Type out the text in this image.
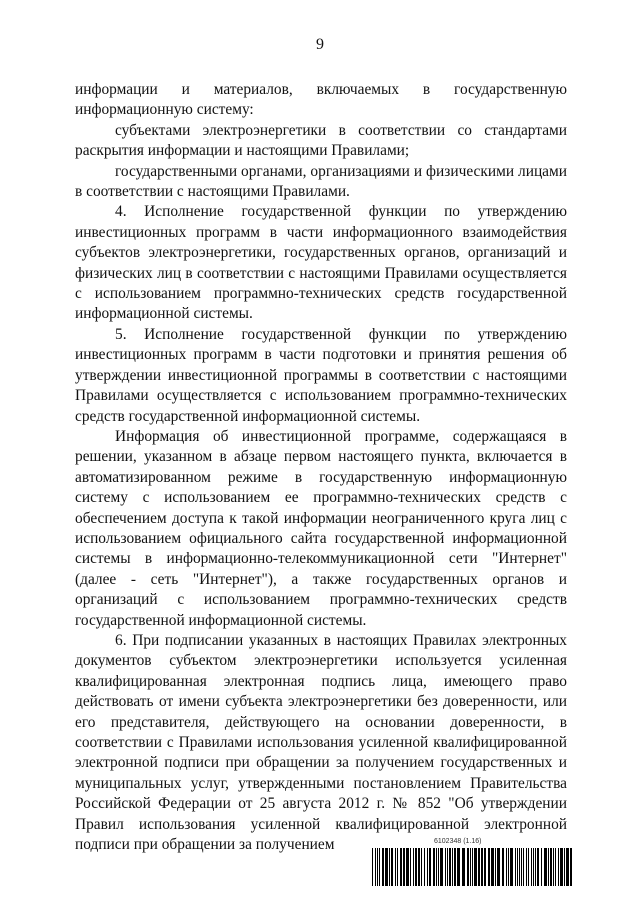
9

информации и материалов, включаемых в государственную информационную систему:

субъектами электроэнергетики в соответствии со стандартами раскрытия информации и настоящими Правилами;

государственными органами, организациями и физическими лицами в соответствии с настоящими Правилами.

4. Исполнение государственной функции по утверждению инвестиционных программ в части информационного взаимодействия субъектов электроэнергетики, государственных органов, организаций и физических лиц в соответствии с настоящими Правилами осуществляется с использованием программно-технических средств государственной информационной системы.

5. Исполнение государственной функции по утверждению инвестиционных программ в части подготовки и принятия решения об утверждении инвестиционной программы в соответствии с настоящими Правилами осуществляется с использованием программно-технических средств государственной информационной системы.

Информация об инвестиционной программе, содержащаяся в решении, указанном в абзаце первом настоящего пункта, включается в автоматизированном режиме в государственную информационную систему с использованием ее программно-технических средств с обеспечением доступа к такой информации неограниченного круга лиц с использованием официального сайта государственной информационной системы в информационно-телекоммуникационной сети "Интернет" (далее - сеть "Интернет"), а также государственных органов и организаций с использованием программно-технических средств государственной информационной системы.

6. При подписании указанных в настоящих Правилах электронных документов субъектом электроэнергетики используется усиленная квалифицированная электронная подпись лица, имеющего право действовать от имени субъекта электроэнергетики без доверенности, или его представителя, действующего на основании доверенности, в соответствии с Правилами использования усиленной квалифицированной электронной подписи при обращении за получением государственных и муниципальных услуг, утвержденными постановлением Правительства Российской Федерации от 25 августа 2012 г. № 852 "Об утверждении Правил использования усиленной квалифицированной электронной подписи при обращении за получением	6102348 (1.16)
